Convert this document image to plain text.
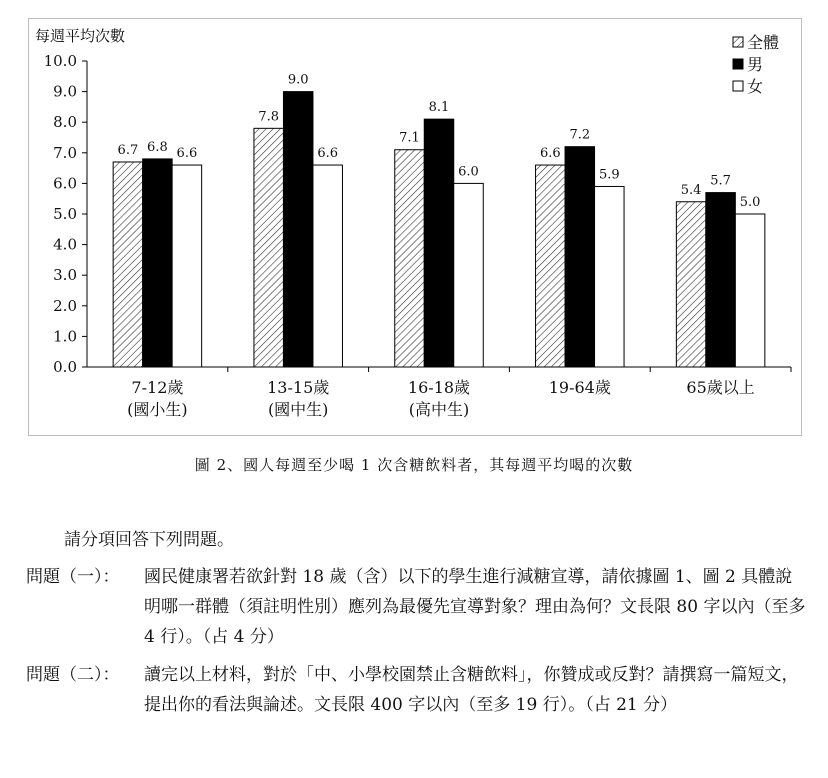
每週平均次數
0.0
1.0
2.0
3.0
4.0
5.0
6.0
7.0
8.0
9.0
10.0
6.7 6.8 6.6
7-12歲
(國小生)
7.8
9.0
6.6
13-15歲
(國中生)
7.1
8.1
6.0
16-18歲
(高中生)
6.6
7.2
5.9
19-64歲
5.4
5.7
5.0
65歲以上
全體
男
女
圖 2、國人每週至少喝 1 次含糖飲料者，其每週平均喝的次數
請分項回答下列問題。
問題（一）： 國民健康署若欲針對 18 歲（含）以下的學生進行減糖宣導，請依據圖 1、圖 2 具體說明哪一群體（須註明性別）應列為最優先宣導對象？理由為何？文長限 80 字以內（至多 4 行）。（占 4 分）
問題（二）： 讀完以上材料，對於「中、小學校園禁止含糖飲料」，你贊成或反對？請撰寫一篇短文，提出你的看法與論述。文長限 400 字以內（至多 19 行）。（占 21 分）
